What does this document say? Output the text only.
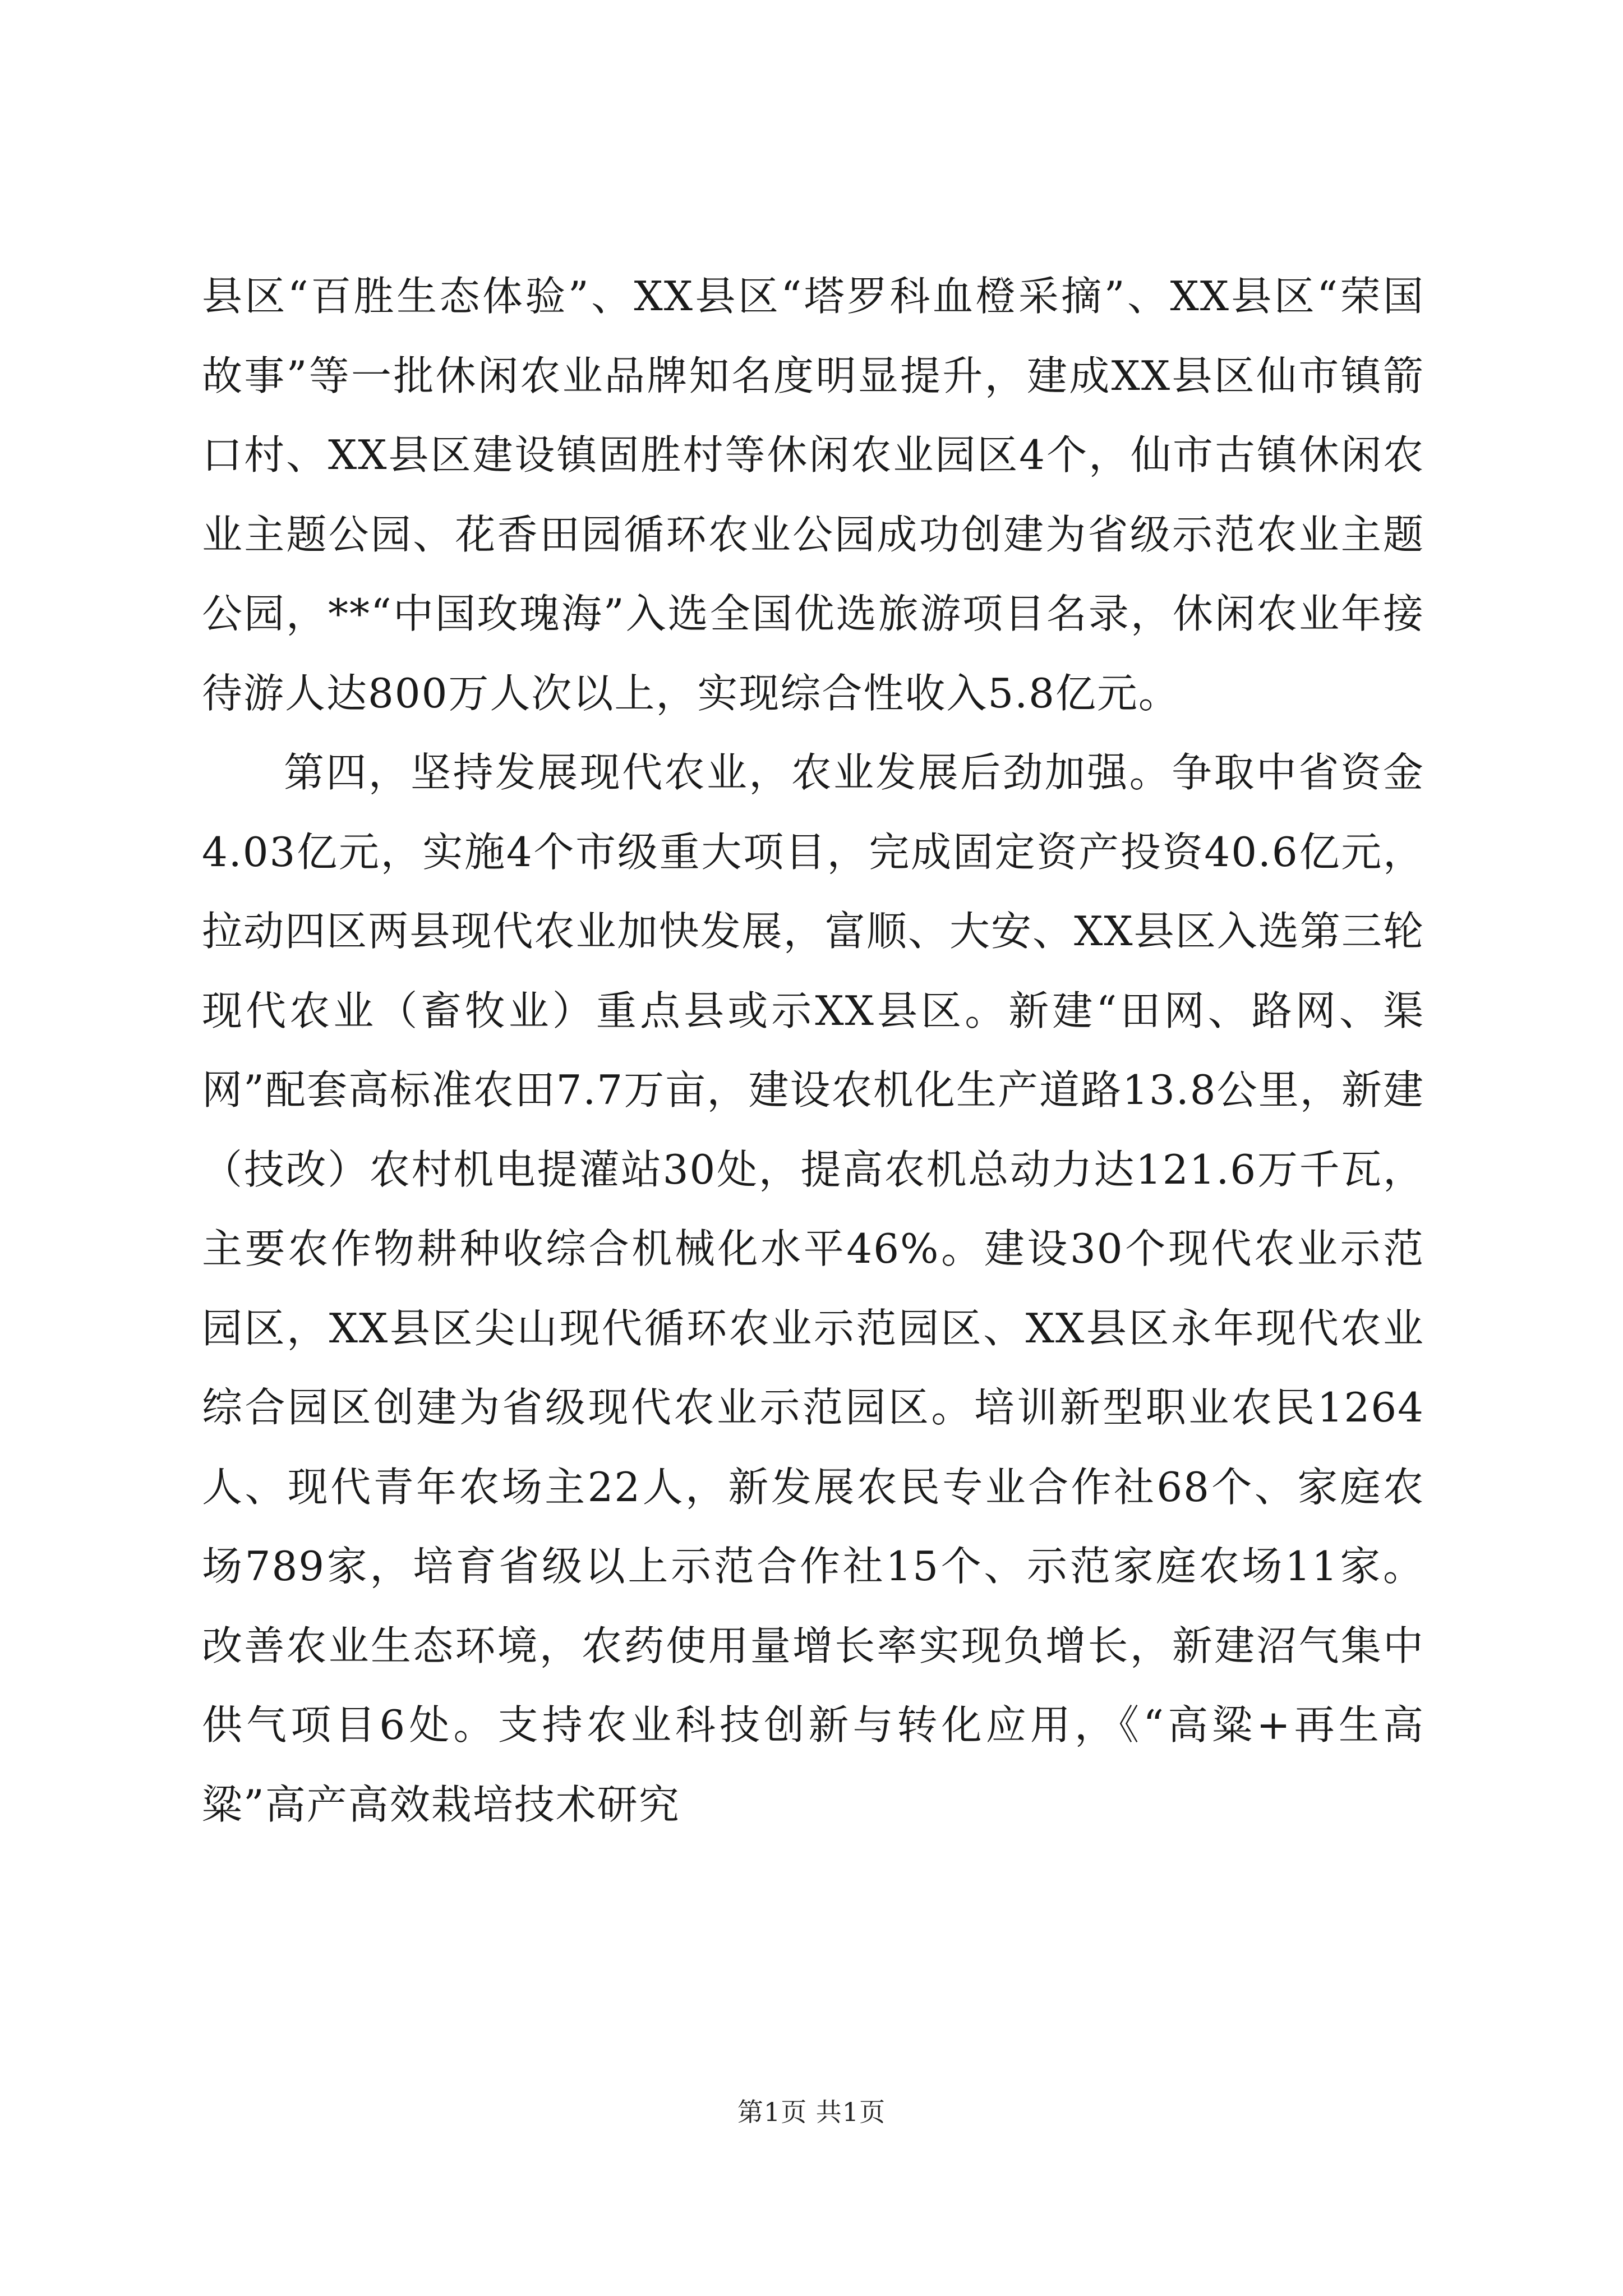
县区“百胜生态体验”、XX县区“塔罗科血橙采摘”、XX县区“荣国故事”等一批休闲农业品牌知名度明显提升，建成XX县区仙市镇箭口村、XX县区建设镇固胜村等休闲农业园区4个，仙市古镇休闲农业主题公园、花香田园循环农业公园成功创建为省级示范农业主题公园，**“中国玫瑰海”入选全国优选旅游项目名录，休闲农业年接待游人达800万人次以上，实现综合性收入5.8亿元。

第四，坚持发展现代农业，农业发展后劲加强。争取中省资金4.03亿元，实施4个市级重大项目，完成固定资产投资40.6亿元，拉动四区两县现代农业加快发展，富顺、大安、XX县区入选第三轮现代农业（畜牧业）重点县或示XX县区。新建“田网、路网、渠网”配套高标准农田7.7万亩，建设农机化生产道路13.8公里，新建（技改）农村机电提灌站30处，提高农机总动力达121.6万千瓦，主要农作物耕种收综合机械化水平46%。建设30个现代农业示范园区，XX县区尖山现代循环农业示范园区、XX县区永年现代农业综合园区创建为省级现代农业示范园区。培训新型职业农民1264人、现代青年农场主22人，新发展农民专业合作社68个、家庭农场789家，培育省级以上示范合作社15个、示范家庭农场11家。改善农业生态环境，农药使用量增长率实现负增长，新建沼气集中供气项目6处。支持农业科技创新与转化应用，《“高粱+再生高粱”高产高效栽培技术研究

第1页 共1页
